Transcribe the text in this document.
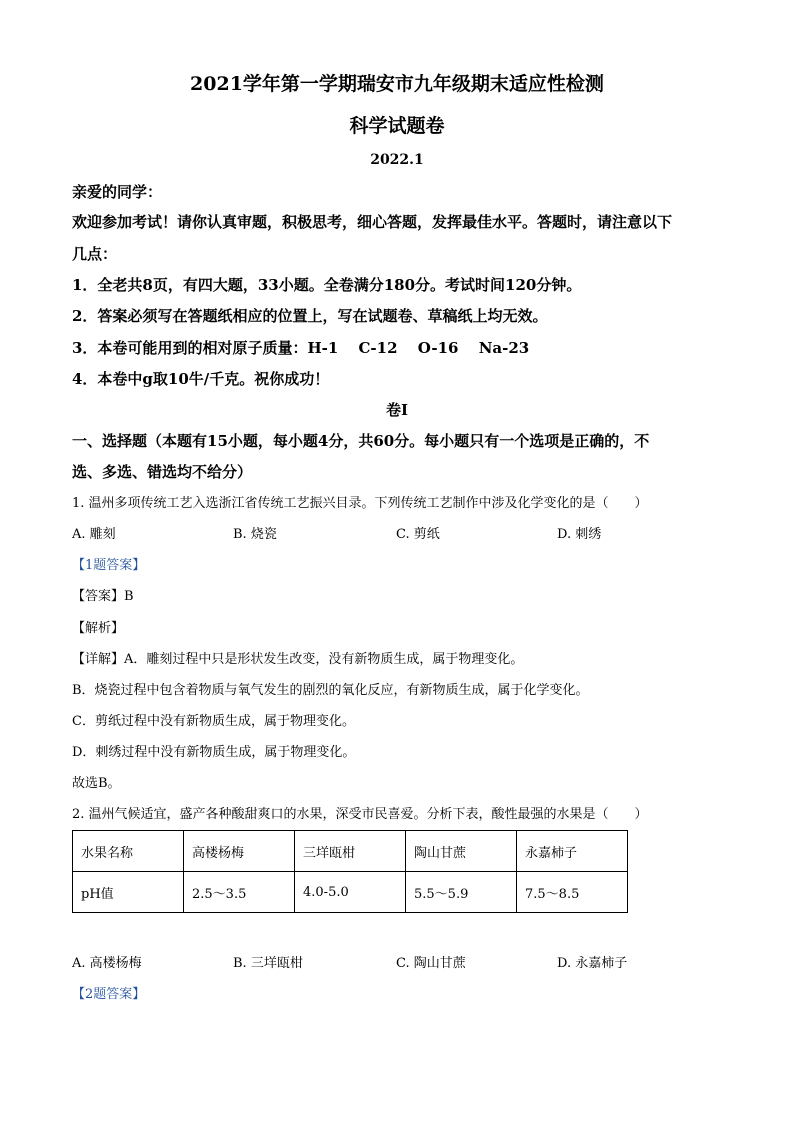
2021学年第一学期瑞安市九年级期末适应性检测
科学试题卷
2022.1
亲爱的同学：
欢迎参加考试！请你认真审题，积极思考，细心答题，发挥最佳水平。答题时，请注意以下
几点：
1．全老共8页，有四大题，33小题。全卷满分180分。考试时间120分钟。
2．答案必须写在答题纸相应的位置上，写在试题卷、草稿纸上均无效。
3．本卷可能用到的相对原子质量：H-1　 C-12　 O-16　 Na-23
4．本卷中g取10牛/千克。祝你成功！
卷Ⅰ
一、选择题（本题有15小题，每小题4分，共60分。每小题只有一个选项是正确的，不
选、多选、错选均不给分）
1. 温州多项传统工艺入选浙江省传统工艺振兴目录。下列传统工艺制作中涉及化学变化的是（　　）
A. 雕刻	B. 烧瓷	C. 剪纸	D. 刺绣
【1题答案】
【答案】B
【解析】
【详解】A．雕刻过程中只是形状发生改变，没有新物质生成，属于物理变化。
B．烧瓷过程中包含着物质与氧气发生的剧烈的氧化反应，有新物质生成，属于化学变化。
C．剪纸过程中没有新物质生成，属于物理变化。
D．刺绣过程中没有新物质生成，属于物理变化。
故选B。
2. 温州气候适宜，盛产各种酸甜爽口的水果，深受市民喜爱。分析下表，酸性最强的水果是（　　）
水果名称	高楼杨梅	三垟瓯柑	陶山甘蔗	永嘉柿子
pH值	2.5～3.5	4.0-5.0	5.5～5.9	7.5～8.5
A. 高楼杨梅	B. 三垟瓯柑	C. 陶山甘蔗	D. 永嘉柿子
【2题答案】
